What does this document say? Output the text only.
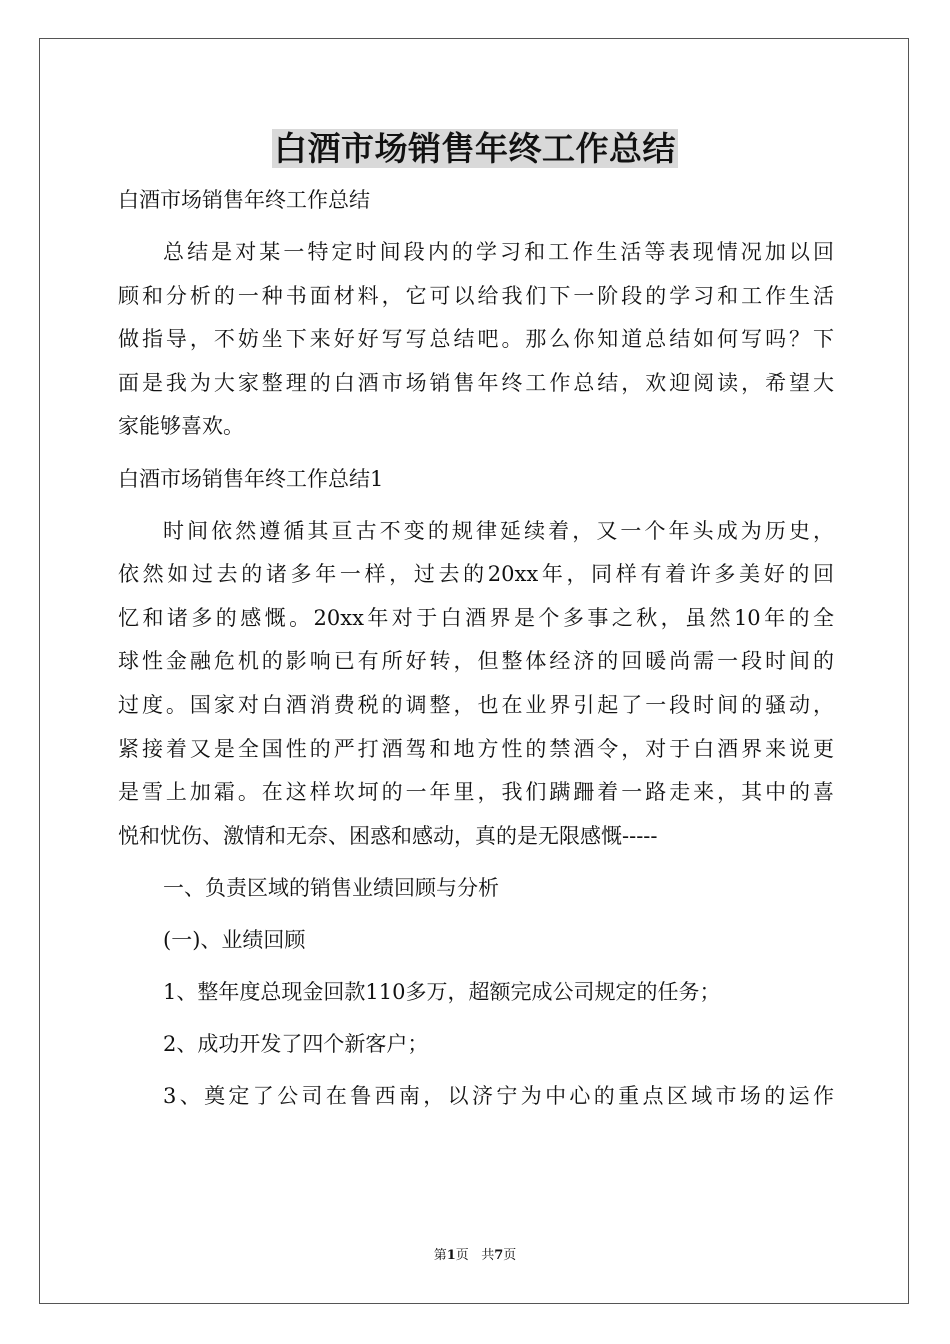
白酒市场销售年终工作总结
白酒市场销售年终工作总结
总结是对某一特定时间段内的学习和工作生活等表现情况加以回
顾和分析的一种书面材料，它可以给我们下一阶段的学习和工作生活
做指导，不妨坐下来好好写写总结吧。那么你知道总结如何写吗？下
面是我为大家整理的白酒市场销售年终工作总结，欢迎阅读，希望大
家能够喜欢。
白酒市场销售年终工作总结1
时间依然遵循其亘古不变的规律延续着，又一个年头成为历史，
依然如过去的诸多年一样，过去的20xx年，同样有着许多美好的回
忆和诸多的感慨。20xx年对于白酒界是个多事之秋，虽然10年的全
球性金融危机的影响已有所好转，但整体经济的回暖尚需一段时间的
过度。国家对白酒消费税的调整，也在业界引起了一段时间的骚动，
紧接着又是全国性的严打酒驾和地方性的禁酒令，对于白酒界来说更
是雪上加霜。在这样坎坷的一年里，我们蹒跚着一路走来，其中的喜
悦和忧伤、激情和无奈、困惑和感动，真的是无限感慨-----
一、负责区域的销售业绩回顾与分析
(一)、业绩回顾
1、整年度总现金回款110多万，超额完成公司规定的任务；
2、成功开发了四个新客户；
3、奠定了公司在鲁西南，以济宁为中心的重点区域市场的运作
第1页 共7页
